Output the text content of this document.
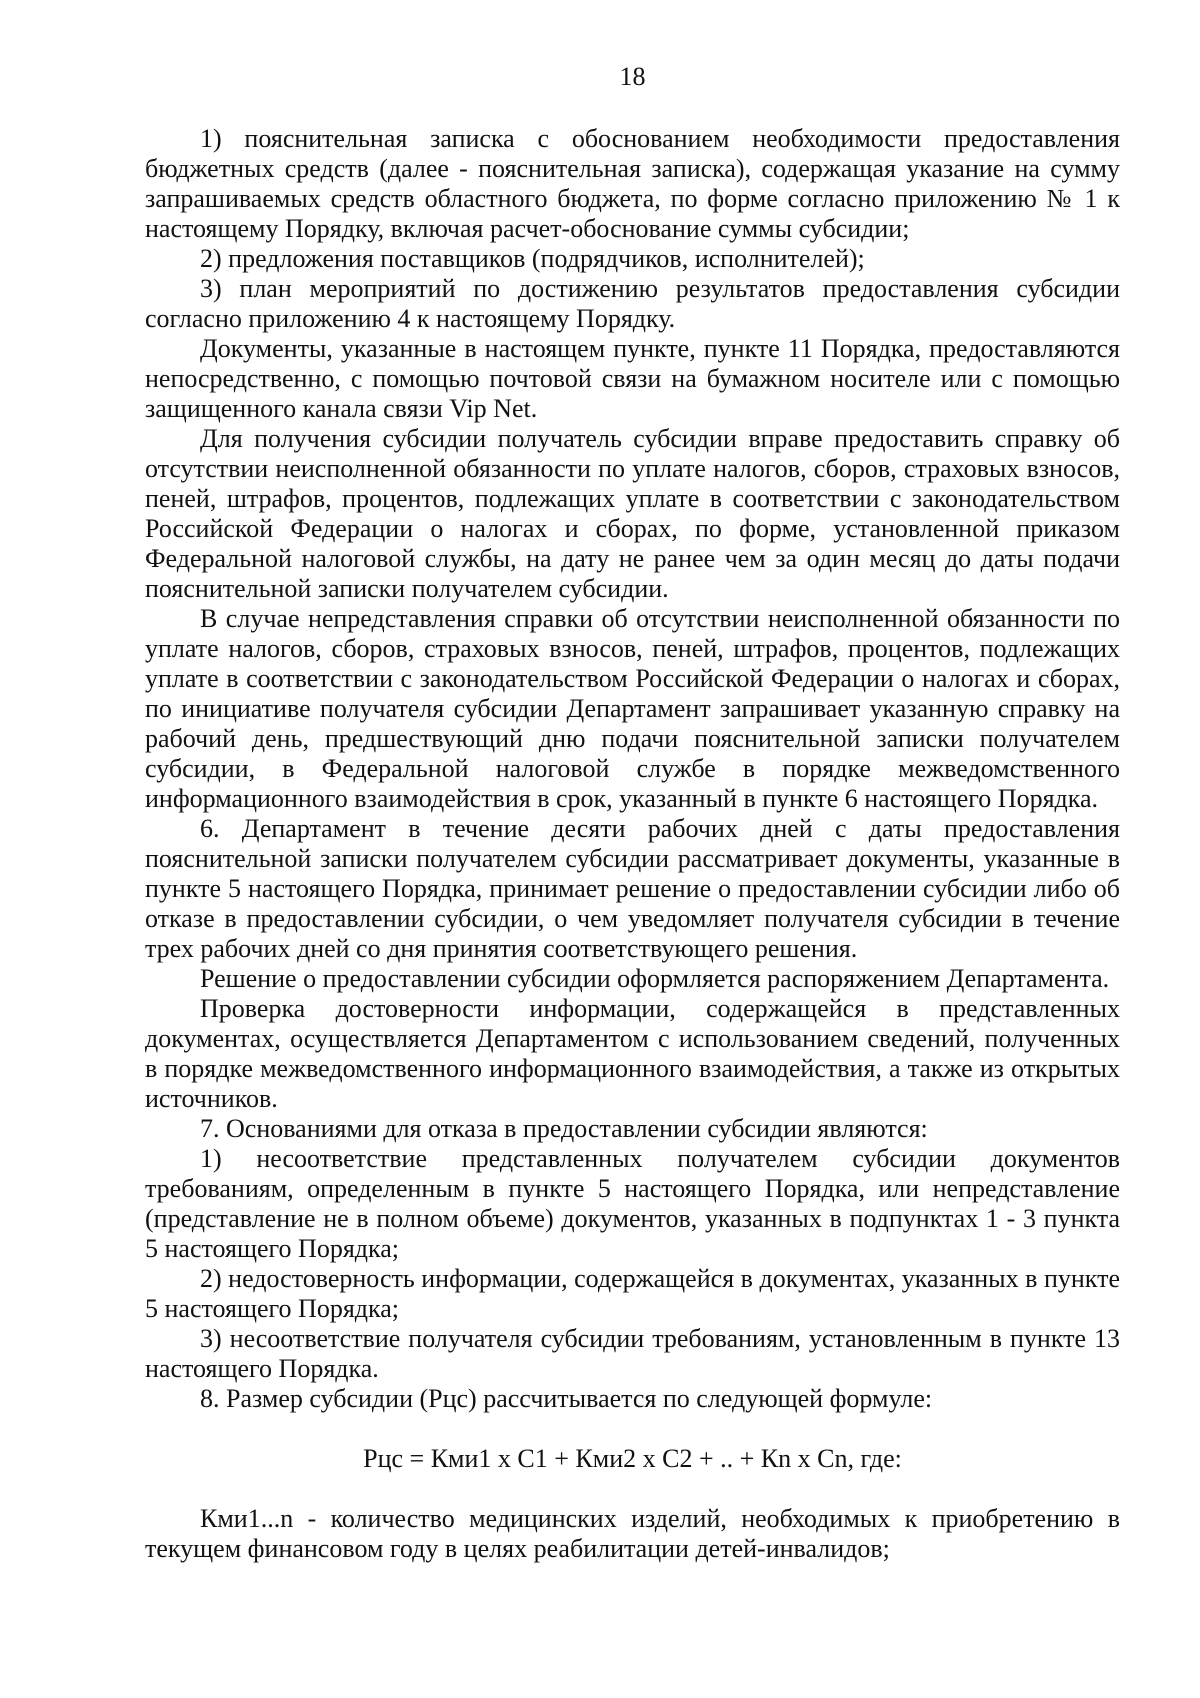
18

1) пояснительная записка с обоснованием необходимости предоставления бюджетных средств (далее - пояснительная записка), содержащая указание на сумму запрашиваемых средств областного бюджета, по форме согласно приложению № 1 к настоящему Порядку, включая расчет-обоснование суммы субсидии;

2) предложения поставщиков (подрядчиков, исполнителей);

3) план мероприятий по достижению результатов предоставления субсидии согласно приложению 4 к настоящему Порядку.

Документы, указанные в настоящем пункте, пункте 11 Порядка, предоставляются непосредственно, с помощью почтовой связи на бумажном носителе или с помощью защищенного канала связи Vip Net.

Для получения субсидии получатель субсидии вправе предоставить справку об отсутствии неисполненной обязанности по уплате налогов, сборов, страховых взносов, пеней, штрафов, процентов, подлежащих уплате в соответствии с законодательством Российской Федерации о налогах и сборах, по форме, установленной приказом Федеральной налоговой службы, на дату не ранее чем за один месяц до даты подачи пояснительной записки получателем субсидии.

В случае непредставления справки об отсутствии неисполненной обязанности по уплате налогов, сборов, страховых взносов, пеней, штрафов, процентов, подлежащих уплате в соответствии с законодательством Российской Федерации о налогах и сборах, по инициативе получателя субсидии Департамент запрашивает указанную справку на рабочий день, предшествующий дню подачи пояснительной записки получателем субсидии, в Федеральной налоговой службе в порядке межведомственного информационного взаимодействия в срок, указанный в пункте 6 настоящего Порядка.

6. Департамент в течение десяти рабочих дней с даты предоставления пояснительной записки получателем субсидии рассматривает документы, указанные в пункте 5 настоящего Порядка, принимает решение о предоставлении субсидии либо об отказе в предоставлении субсидии, о чем уведомляет получателя субсидии в течение трех рабочих дней со дня принятия соответствующего решения.

Решение о предоставлении субсидии оформляется распоряжением Департамента.

Проверка достоверности информации, содержащейся в представленных документах, осуществляется Департаментом с использованием сведений, полученных в порядке межведомственного информационного взаимодействия, а также из открытых источников.

7. Основаниями для отказа в предоставлении субсидии являются:

1) несоответствие представленных получателем субсидии документов требованиям, определенным в пункте 5 настоящего Порядка, или непредставление (представление не в полном объеме) документов, указанных в подпунктах 1 - 3 пункта 5 настоящего Порядка;

2) недостоверность информации, содержащейся в документах, указанных в пункте 5 настоящего Порядка;

3) несоответствие получателя субсидии требованиям, установленным в пункте 13 настоящего Порядка.

8. Размер субсидии (Рцс) рассчитывается по следующей формуле:

Рцс = Кми1 х С1 + Кми2 х С2 + .. + Кn х Сn, где:

Кми1...n - количество медицинских изделий, необходимых к приобретению в текущем финансовом году в целях реабилитации детей-инвалидов;
